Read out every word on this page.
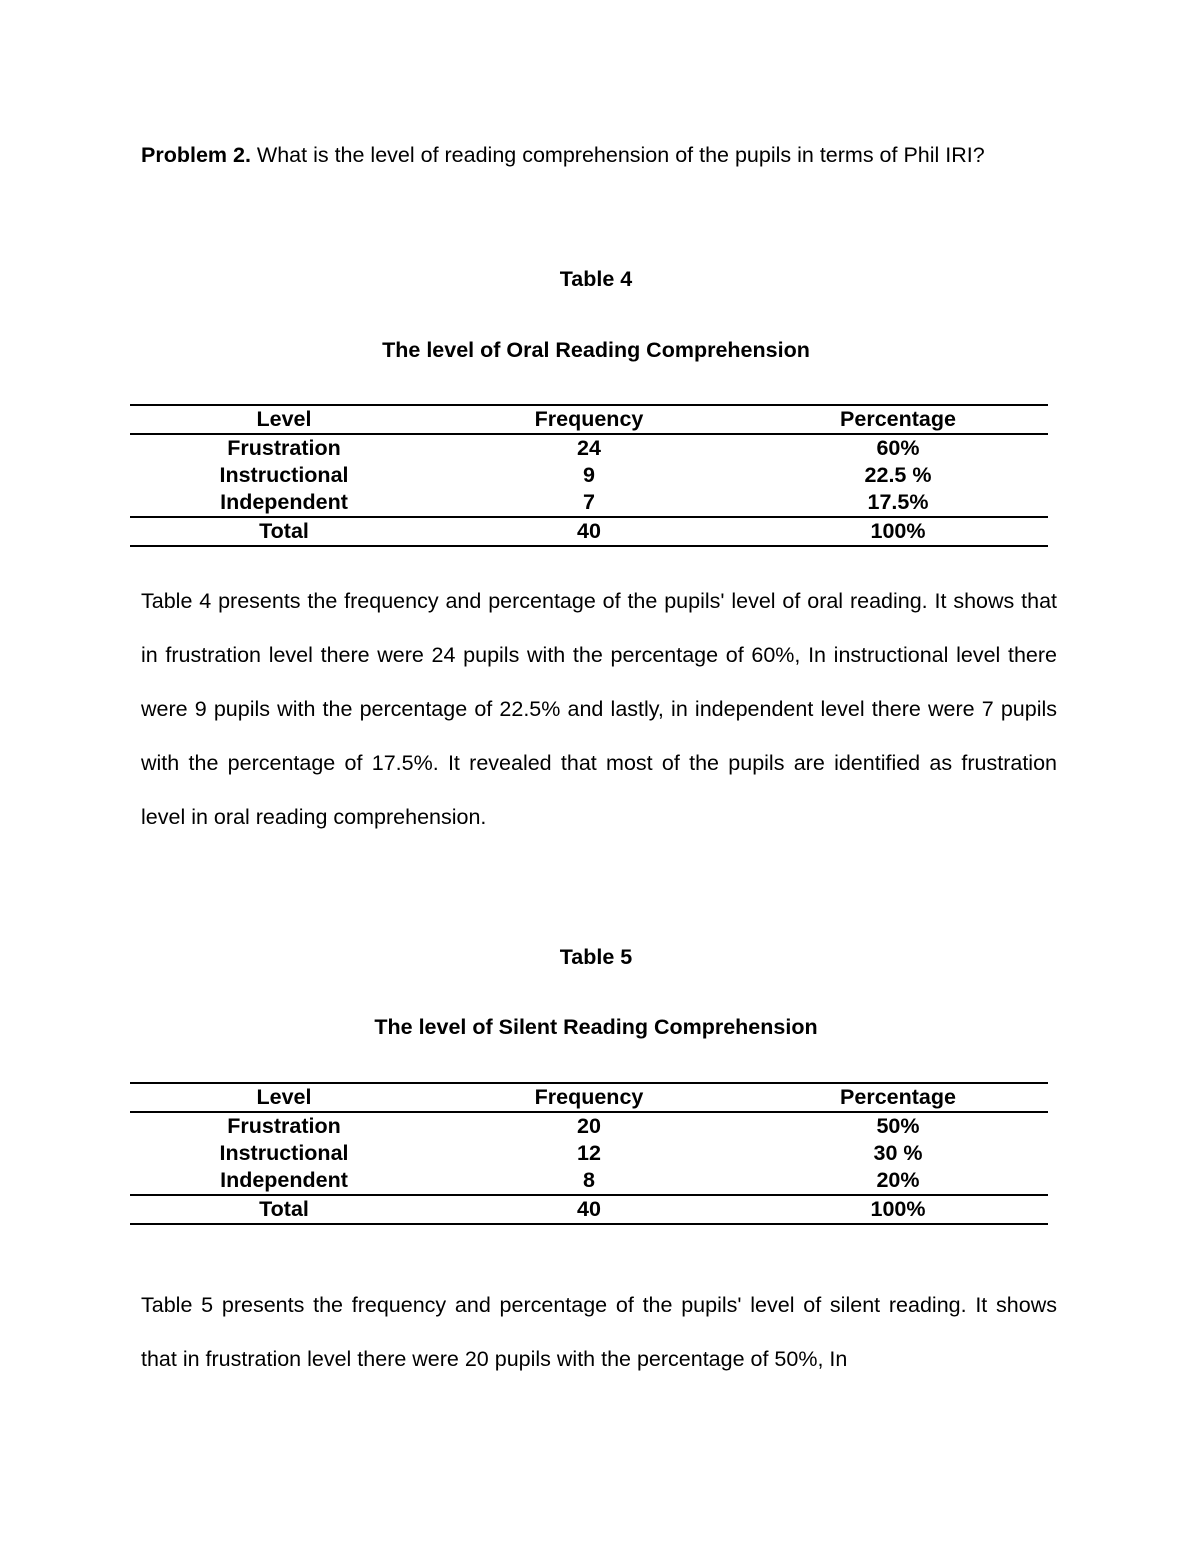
Problem 2. What is the level of reading comprehension of the pupils in terms of Phil IRI?

Table 4

The level of Oral Reading Comprehension

Level	Frequency	Percentage
Frustration	24	60%
Instructional	9	22.5 %
Independent	7	17.5%
Total	40	100%

Table 4 presents the frequency and percentage of the pupils' level of oral reading. It shows that in frustration level there were 24 pupils with the percentage of 60%, In instructional level there were 9 pupils with the percentage of 22.5% and lastly, in independent level there were 7 pupils with the percentage of 17.5%. It revealed that most of the pupils are identified as frustration level in oral reading comprehension.

Table 5

The level of Silent Reading Comprehension

Level	Frequency	Percentage
Frustration	20	50%
Instructional	12	30 %
Independent	8	20%
Total	40	100%

Table 5 presents the frequency and percentage of the pupils' level of silent reading. It shows that in frustration level there were 20 pupils with the percentage of 50%, In
